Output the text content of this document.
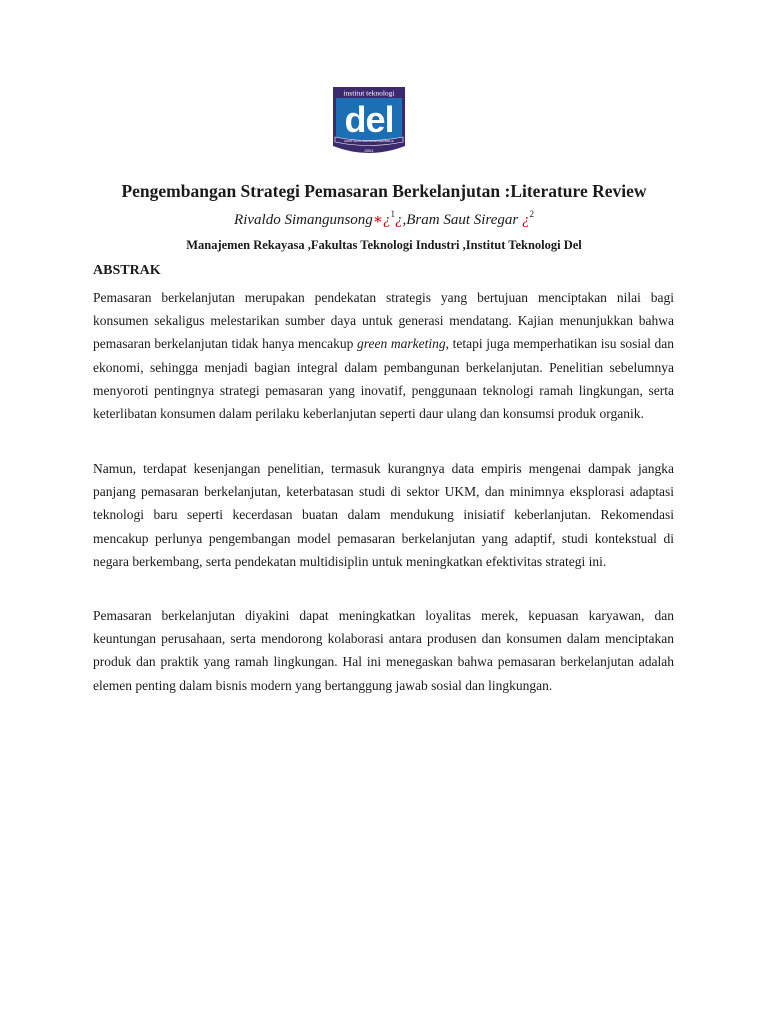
institut teknologi
del
MARTUHAN MARROHA MARBISUK
2001
Pengembangan Strategi Pemasaran Berkelanjutan :Literature Review
Rivaldo Simangunsong∗¿$^1$¿,Bram Saut Siregar ¿$^2$
Manajemen Rekayasa ,Fakultas Teknologi Industri ,Institut Teknologi Del
ABSTRAK

Pemasaran berkelanjutan merupakan pendekatan strategis yang bertujuan menciptakan nilai bagi konsumen sekaligus melestarikan sumber daya untuk generasi mendatang. Kajian menunjukkan bahwa pemasaran berkelanjutan tidak hanya mencakup green marketing, tetapi juga memperhatikan isu sosial dan ekonomi, sehingga menjadi bagian integral dalam pembangunan berkelanjutan. Penelitian sebelumnya menyoroti pentingnya strategi pemasaran yang inovatif, penggunaan teknologi ramah lingkungan, serta keterlibatan konsumen dalam perilaku keberlanjutan seperti daur ulang dan konsumsi produk organik.

Namun, terdapat kesenjangan penelitian, termasuk kurangnya data empiris mengenai dampak jangka panjang pemasaran berkelanjutan, keterbatasan studi di sektor UKM, dan minimnya eksplorasi adaptasi teknologi baru seperti kecerdasan buatan dalam mendukung inisiatif keberlanjutan. Rekomendasi mencakup perlunya pengembangan model pemasaran berkelanjutan yang adaptif, studi kontekstual di negara berkembang, serta pendekatan multidisiplin untuk meningkatkan efektivitas strategi ini.

Pemasaran berkelanjutan diyakini dapat meningkatkan loyalitas merek, kepuasan karyawan, dan keuntungan perusahaan, serta mendorong kolaborasi antara produsen dan konsumen dalam menciptakan produk dan praktik yang ramah lingkungan. Hal ini menegaskan bahwa pemasaran berkelanjutan adalah elemen penting dalam bisnis modern yang bertanggung jawab sosial dan lingkungan.
